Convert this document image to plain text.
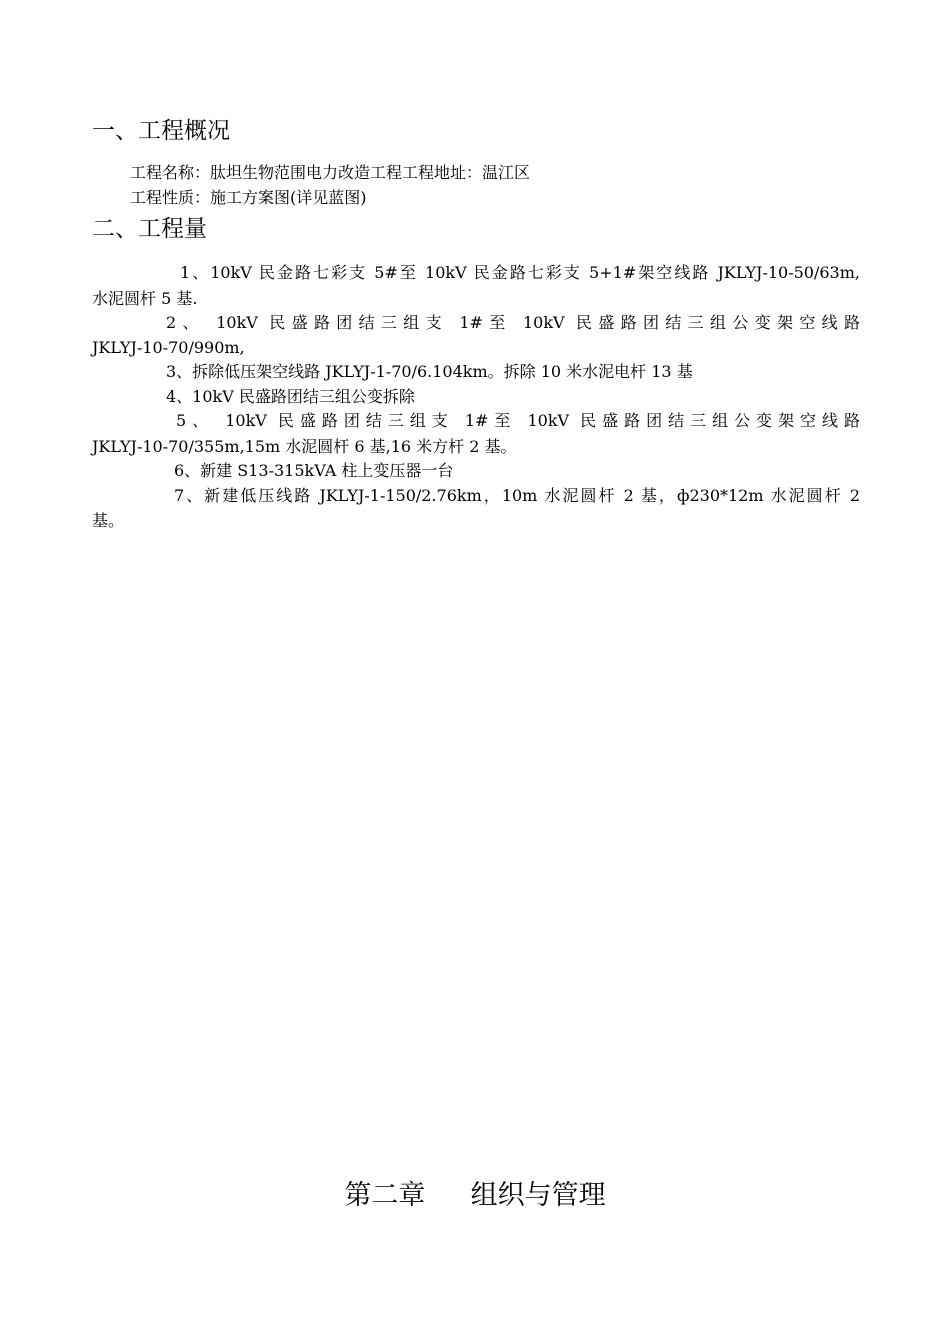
一、工程概况
工程名称：肽坦生物范围电力改造工程工程地址：温江区
工程性质：施工方案图(详见蓝图)
二、工程量
1、10kV 民金路七彩支 5#至 10kV 民金路七彩支 5+1#架空线路 JKLYJ-10-50/63m,
水泥圆杆 5 基.
2、 10kV 民盛路团结三组支 1#至 10kV 民盛路团结三组公变架空线路
JKLYJ-10-70/990m,
3、拆除低压架空线路 JKLYJ-1-70/6.104km。拆除 10 米水泥电杆 13 基
4、10kV 民盛路团结三组公变拆除
5、 10kV 民盛路团结三组支 1#至 10kV 民盛路团结三组公变架空线路
JKLYJ-10-70/355m,15m 水泥圆杆 6 基,16 米方杆 2 基。
6、新建 S13-315kVA 柱上变压器一台
7、新建低压线路 JKLYJ-1-150/2.76km，10m 水泥圆杆 2 基，ф230*12m 水泥圆杆 2
基。
第二章  组织与管理
